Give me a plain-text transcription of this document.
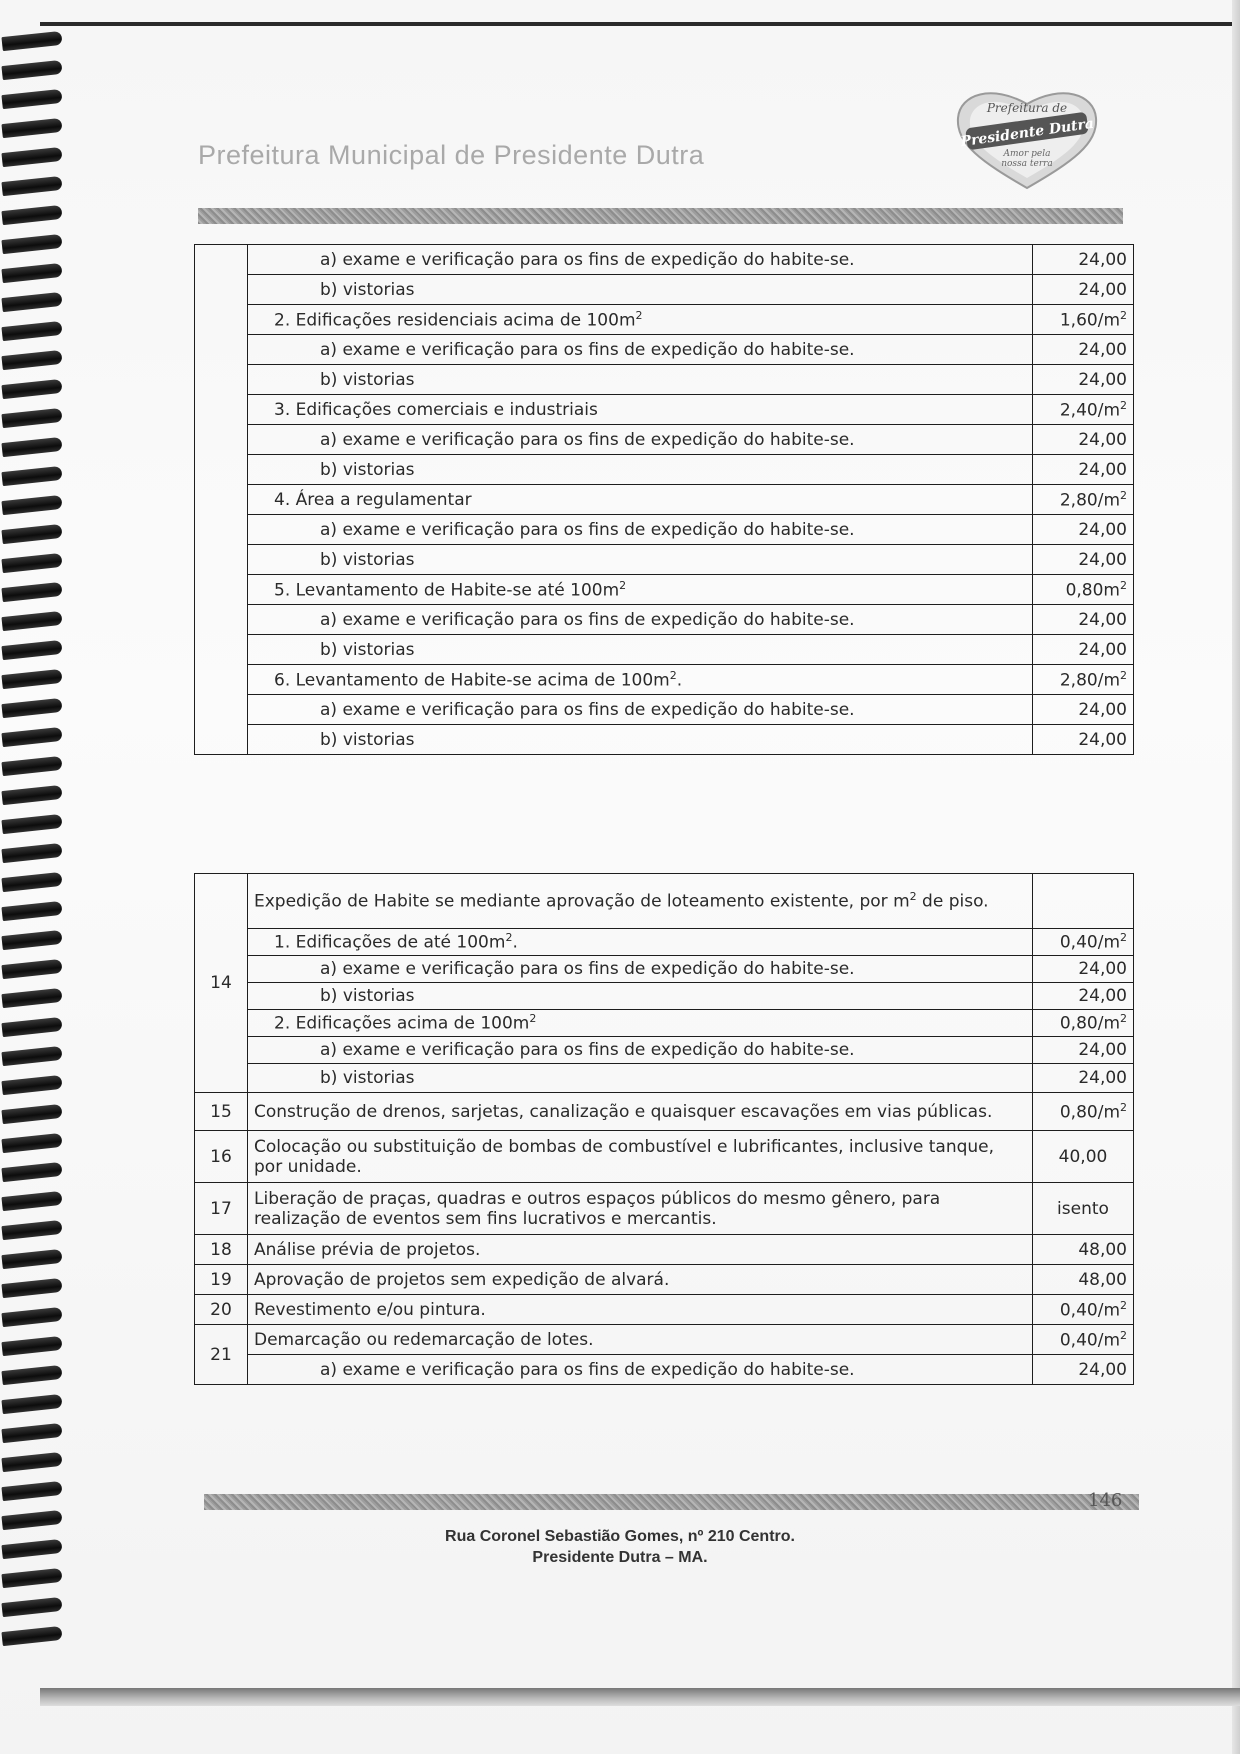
Prefeitura Municipal de Presidente Dutra
Prefeitura de
Presidente Dutra
Amor pela
nossa terra
	a) exame e verificação para os fins de expedição do habite-se.	24,00
	b) vistorias	24,00
	2. Edificações residenciais acima de $100m^2$	$1,60/m^2$
	a) exame e verificação para os fins de expedição do habite-se.	24,00
	b) vistorias	24,00
	3. Edificações comerciais e industriais	$2,40/m^2$
	a) exame e verificação para os fins de expedição do habite-se.	24,00
	b) vistorias	24,00
	4. Área a regulamentar	$2,80/m^2$
	a) exame e verificação para os fins de expedição do habite-se.	24,00
	b) vistorias	24,00
	5. Levantamento de Habite-se até $100m^2$	$0,80m^2$
	a) exame e verificação para os fins de expedição do habite-se.	24,00
	b) vistorias	24,00
	6. Levantamento de Habite-se acima de $100m^2$.	$2,80/m^2$
	a) exame e verificação para os fins de expedição do habite-se.	24,00
	b) vistorias	24,00
14	Expedição de Habite se mediante aprovação de loteamento existente, por $m^2$ de piso.	
	1. Edificações de até $100m^2$.	$0,40/m^2$
	a) exame e verificação para os fins de expedição do habite-se.	24,00
	b) vistorias	24,00
	2. Edificações acima de $100m^2$	$0,80/m^2$
	a) exame e verificação para os fins de expedição do habite-se.	24,00
	b) vistorias	24,00
15	Construção de drenos, sarjetas, canalização e quaisquer escavações em vias públicas.	$0,80/m^2$
16	Colocação ou substituição de bombas de combustível e lubrificantes, inclusive tanque, por unidade.	40,00
17	Liberação de praças, quadras e outros espaços públicos do mesmo gênero, para realização de eventos sem fins lucrativos e mercantis.	isento
18	Análise prévia de projetos.	48,00
19	Aprovação de projetos sem expedição de alvará.	48,00
20	Revestimento e/ou pintura.	$0,40/m^2$
21	Demarcação ou redemarcação de lotes.	$0,40/m^2$
	a) exame e verificação para os fins de expedição do habite-se.	24,00
146
Rua Coronel Sebastião Gomes, nº 210 Centro.
Presidente Dutra – MA.
